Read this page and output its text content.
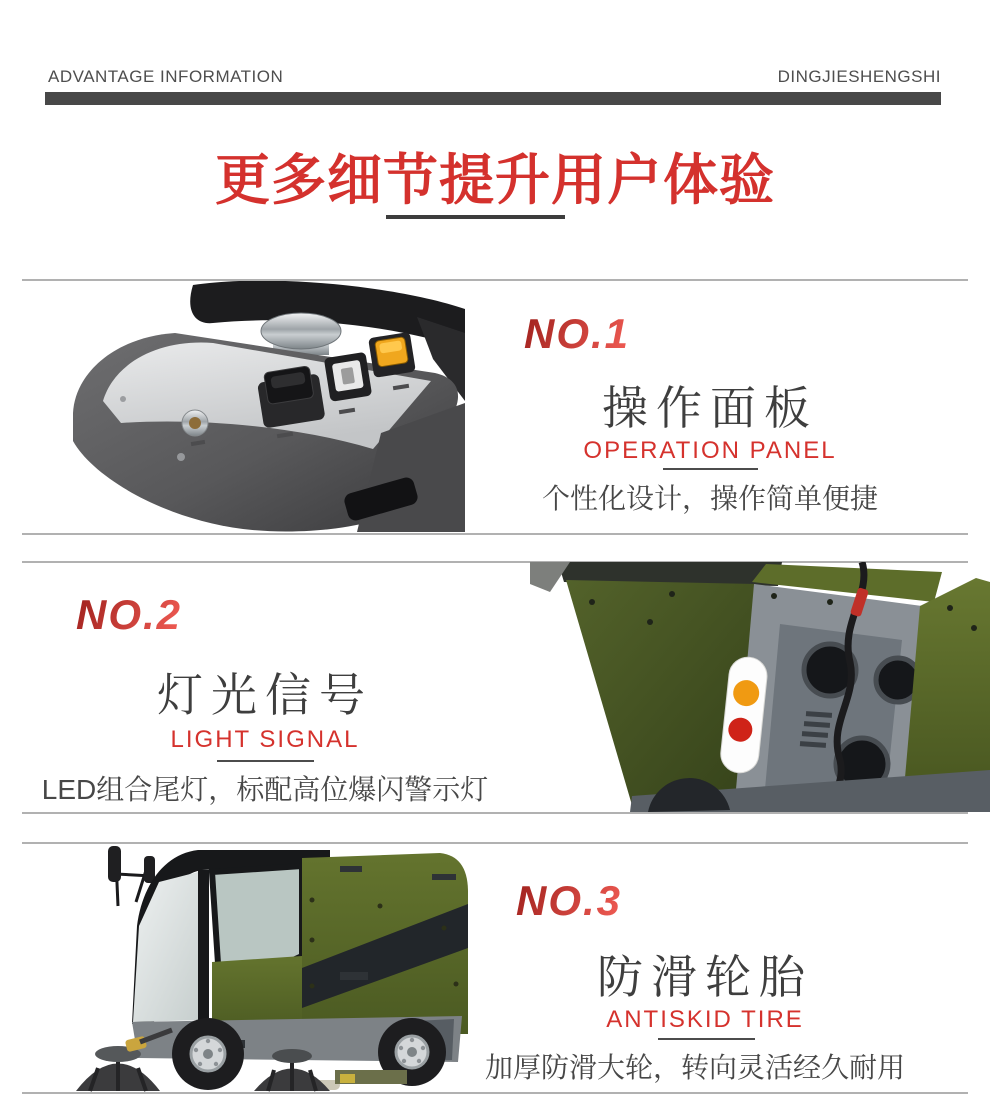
ADVANTAGE INFORMATION	DINGJIESHENGSHI
更多细节提升用户体验
NO.1
操作面板
OPERATION PANEL
个性化设计，操作简单便捷
NO.2
灯光信号
LIGHT SIGNAL
LED组合尾灯，标配高位爆闪警示灯
NO.3
防滑轮胎
ANTISKID TIRE
加厚防滑大轮，转向灵活经久耐用
